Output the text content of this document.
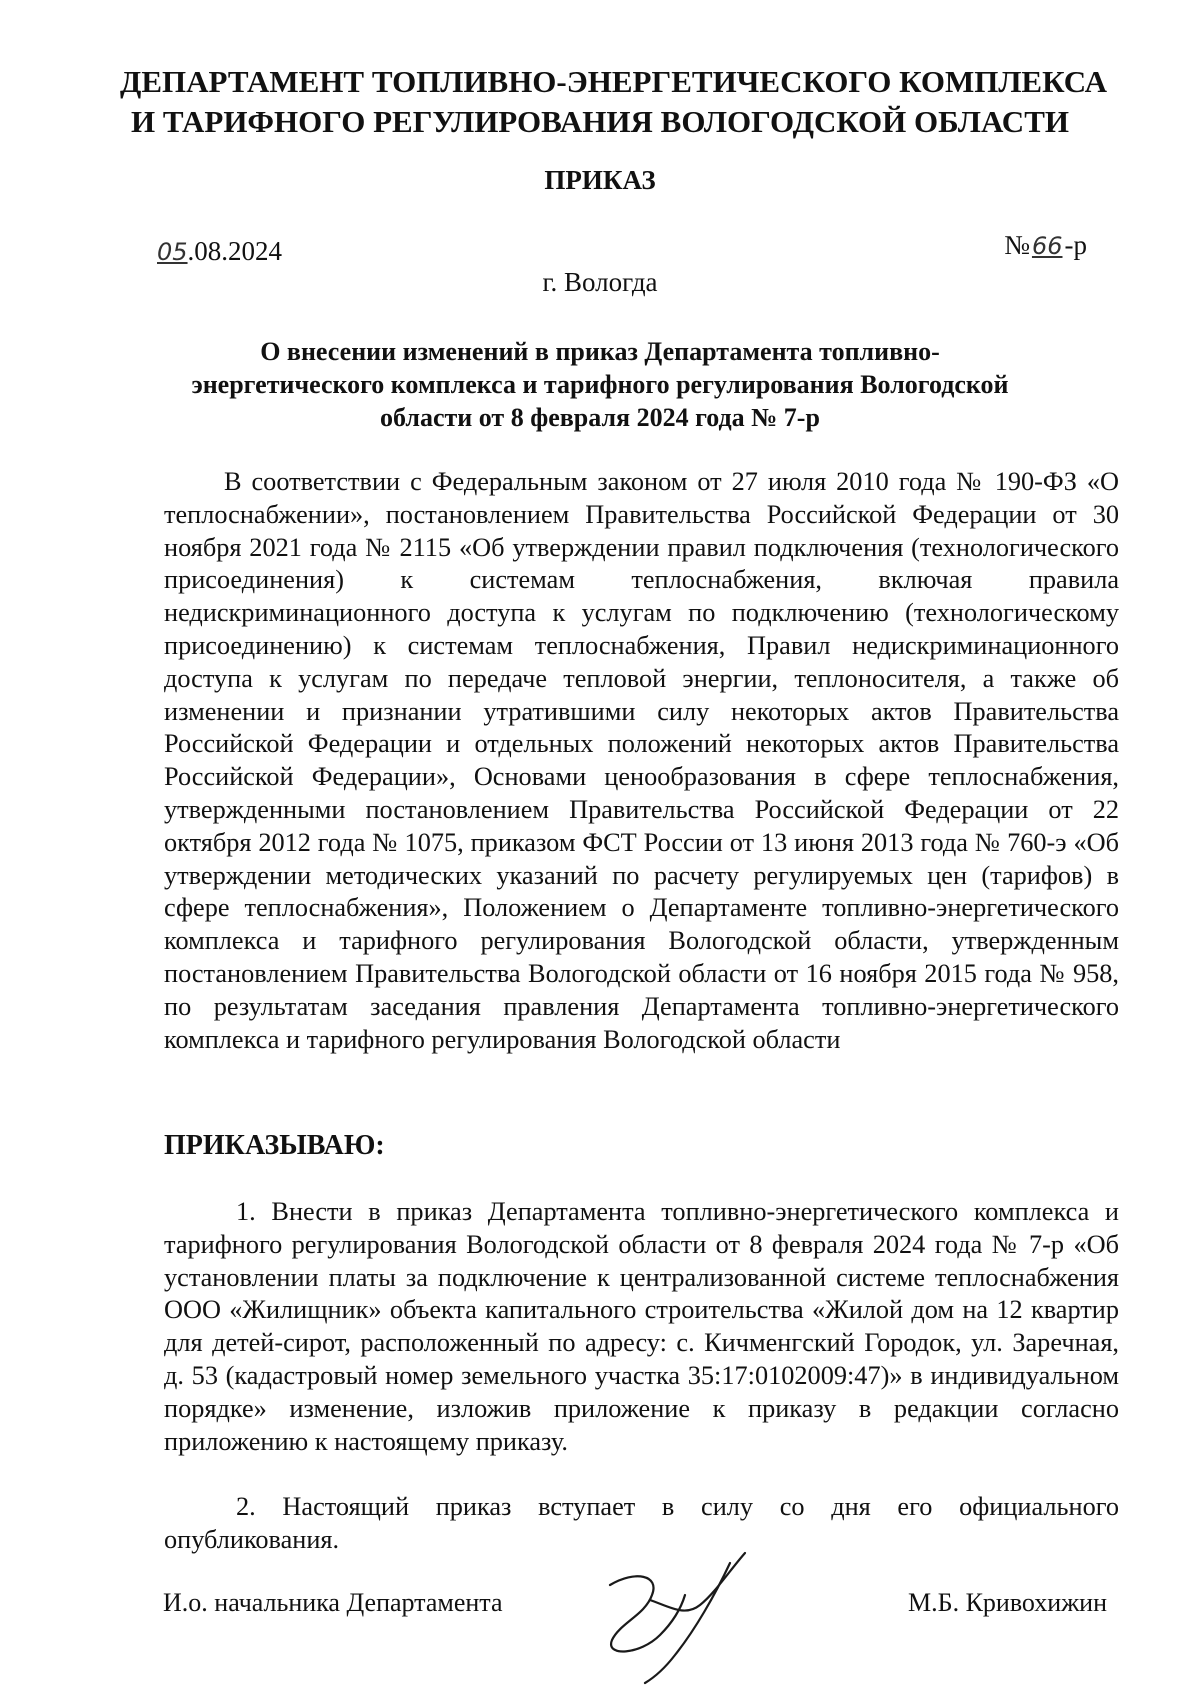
ДЕПАРТАМЕНТ ТОПЛИВНО-ЭНЕРГЕТИЧЕСКОГО КОМПЛЕКСА
И ТАРИФНОГО РЕГУЛИРОВАНИЯ ВОЛОГОДСКОЙ ОБЛАСТИ
ПРИКАЗ
05.08.2024	№66-р
г. Вологда
О внесении изменений в приказ Департамента топливно-
энергетического комплекса и тарифного регулирования Вологодской
области от 8 февраля 2024 года № 7-р
В соответствии с Федеральным законом от 27 июля 2010 года № 190-ФЗ «О теплоснабжении», постановлением Правительства Российской Федерации от 30 ноября 2021 года № 2115 «Об утверждении правил подключения (технологического присоединения) к системам теплоснабжения, включая правила недискриминационного доступа к услугам по подключению (технологическому присоединению) к системам теплоснабжения, Правил недискриминационного доступа к услугам по передаче тепловой энергии, теплоносителя, а также об изменении и признании утратившими силу некоторых актов Правительства Российской Федерации и отдельных положений некоторых актов Правительства Российской Федерации», Основами ценообразования в сфере теплоснабжения, утвержденными постановлением Правительства Российской Федерации от 22 октября 2012 года № 1075, приказом ФСТ России от 13 июня 2013 года № 760-э «Об утверждении методических указаний по расчету регулируемых цен (тарифов) в сфере теплоснабжения», Положением о Департаменте топливно-энергетического комплекса и тарифного регулирования Вологодской области, утвержденным постановлением Правительства Вологодской области от 16 ноября 2015 года № 958, по результатам заседания правления Департамента топливно-энергетического комплекса и тарифного регулирования Вологодской области
ПРИКАЗЫВАЮ:
1. Внести в приказ Департамента топливно-энергетического комплекса и тарифного регулирования Вологодской области от 8 февраля 2024 года № 7-р «Об установлении платы за подключение к централизованной системе теплоснабжения ООО «Жилищник» объекта капитального строительства «Жилой дом на 12 квартир для детей-сирот, расположенный по адресу: с. Кичменгский Городок, ул. Заречная, д. 53 (кадастровый номер земельного участка 35:17:0102009:47)» в индивидуальном порядке» изменение, изложив приложение к приказу в редакции согласно приложению к настоящему приказу.
2. Настоящий приказ вступает в силу со дня его официального опубликования.
И.о. начальника Департамента	М.Б. Кривохижин
